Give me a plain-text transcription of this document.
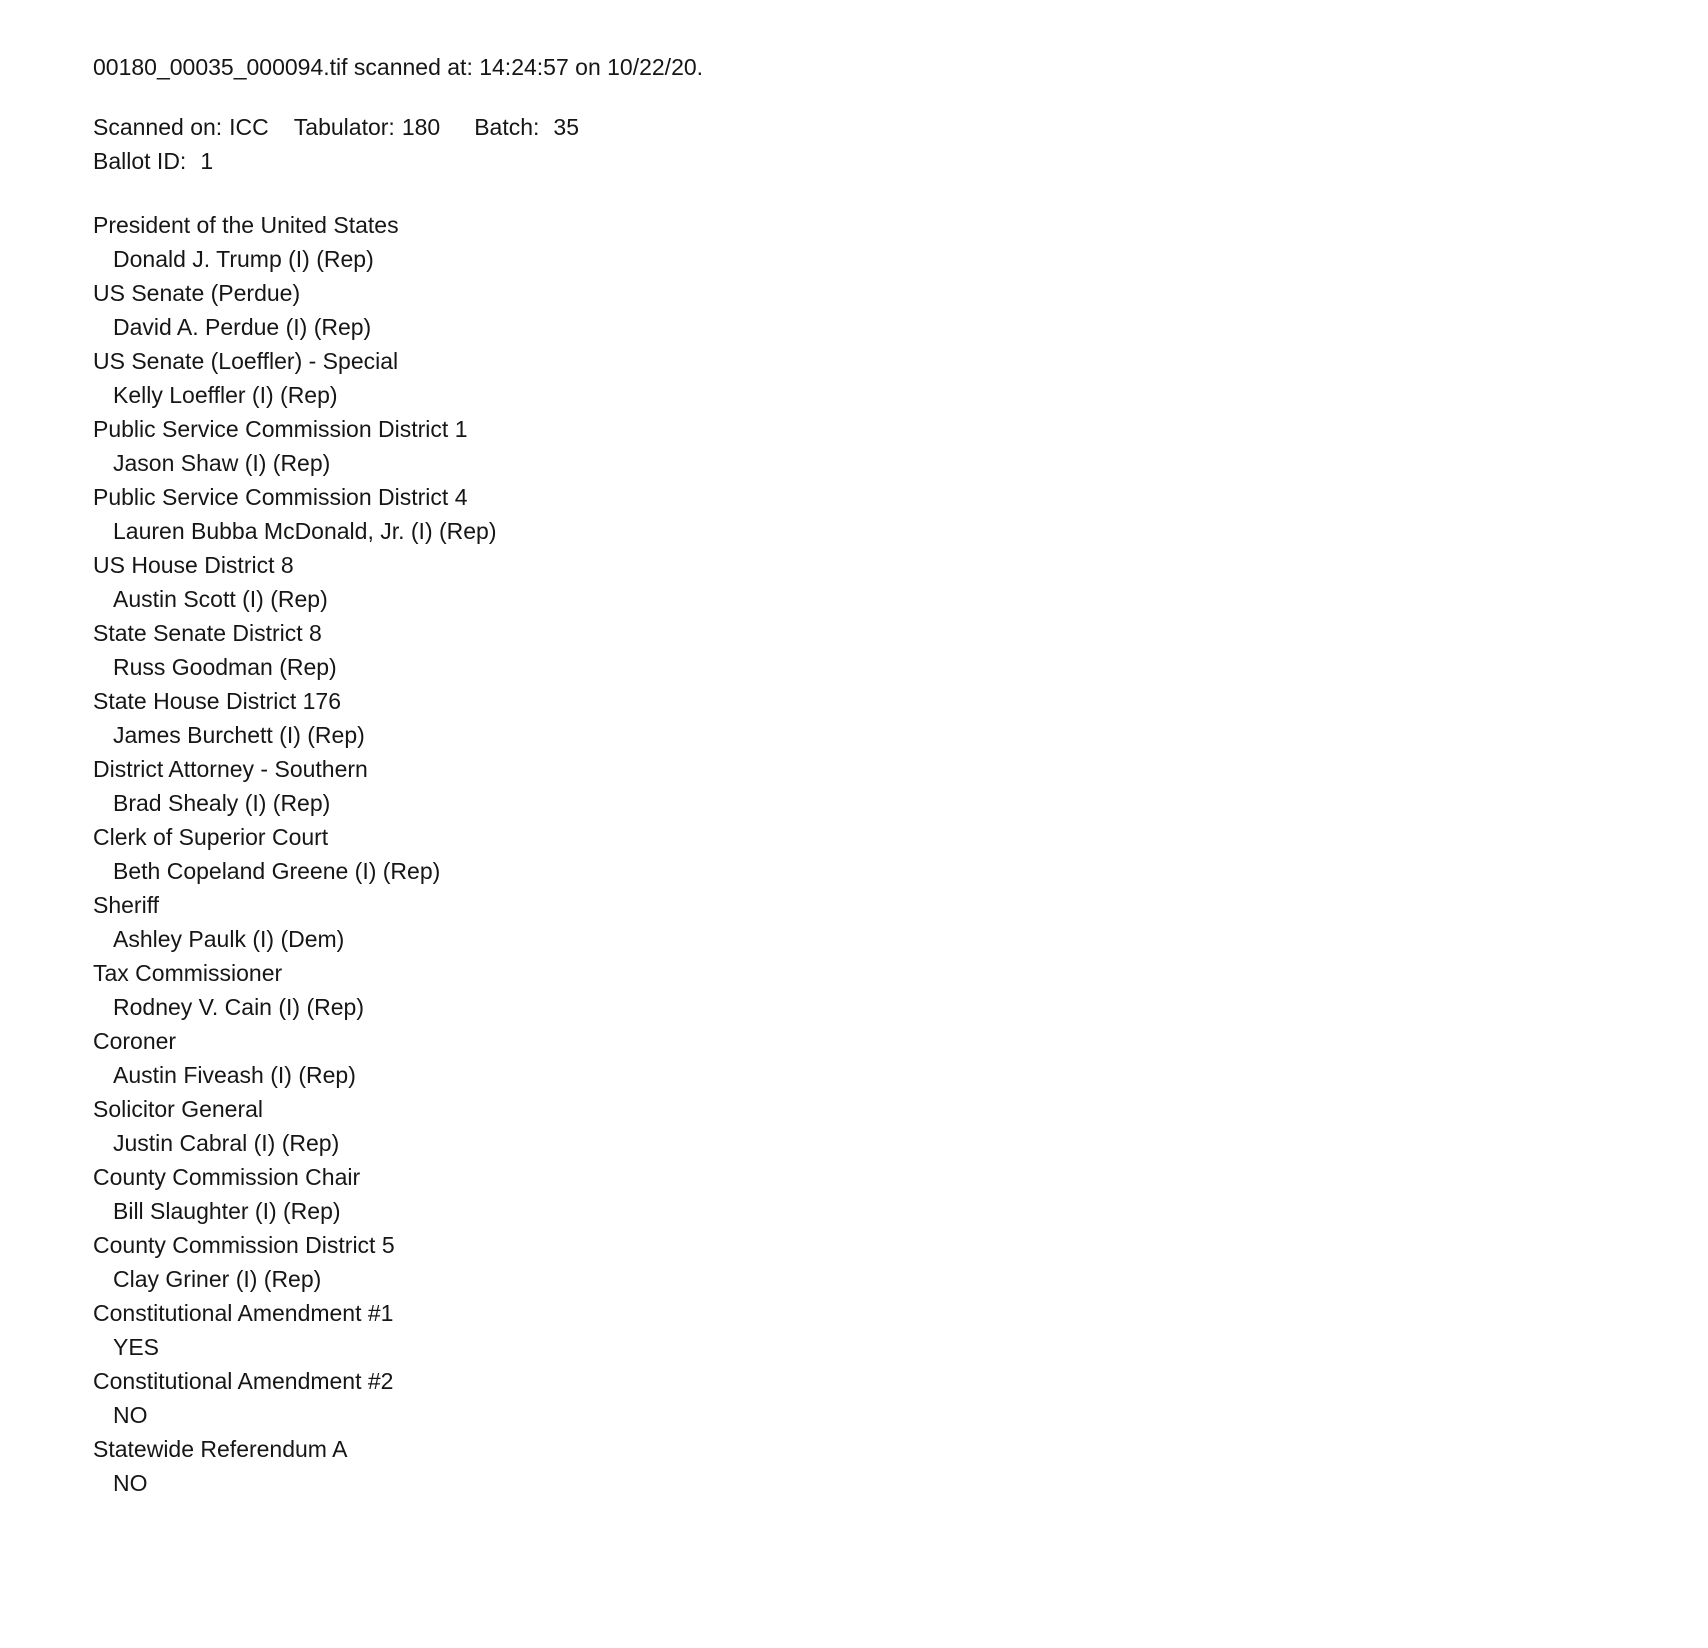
00180_00035_000094.tif scanned at: 14:24:57 on 10/22/20.
Scanned on: ICC Tabulator: 180 Batch: 35
Ballot ID: 1
President of the United States
Donald J. Trump (I) (Rep)
US Senate (Perdue)
David A. Perdue (I) (Rep)
US Senate (Loeffler) - Special
Kelly Loeffler (I) (Rep)
Public Service Commission District 1
Jason Shaw (I) (Rep)
Public Service Commission District 4
Lauren Bubba McDonald, Jr. (I) (Rep)
US House District 8
Austin Scott (I) (Rep)
State Senate District 8
Russ Goodman (Rep)
State House District 176
James Burchett (I) (Rep)
District Attorney - Southern
Brad Shealy (I) (Rep)
Clerk of Superior Court
Beth Copeland Greene (I) (Rep)
Sheriff
Ashley Paulk (I) (Dem)
Tax Commissioner
Rodney V. Cain (I) (Rep)
Coroner
Austin Fiveash (I) (Rep)
Solicitor General
Justin Cabral (I) (Rep)
County Commission Chair
Bill Slaughter (I) (Rep)
County Commission District 5
Clay Griner (I) (Rep)
Constitutional Amendment #1
YES
Constitutional Amendment #2
NO
Statewide Referendum A
NO
